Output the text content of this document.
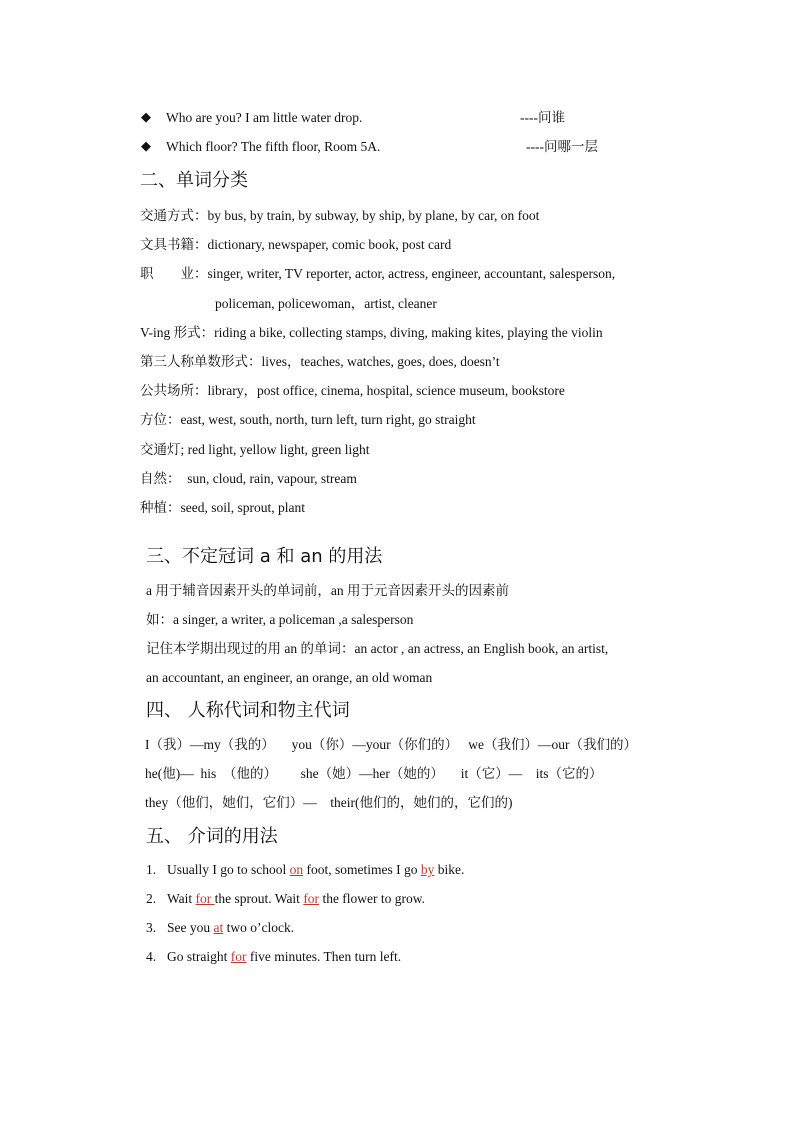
◆ Who are you? I am little water drop.	----问谁
◆ Which floor? The fifth floor, Room 5A.	----问哪一层
二、单词分类
交通方式：by bus, by train, by subway, by ship, by plane, by car, on foot
文具书籍：dictionary, newspaper, comic book, post card
职　　业：singer, writer, TV reporter, actor, actress, engineer, accountant, salesperson,
policeman, policewoman，artist, cleaner
V-ing 形式：riding a bike, collecting stamps, diving, making kites, playing the violin
第三人称单数形式：lives，teaches, watches, goes, does, doesn’t
公共场所：library，post office, cinema, hospital, science museum, bookstore
方位：east, west, south, north, turn left, turn right, go straight
交通灯; red light, yellow light, green light
自然：  sun, cloud, rain, vapour, stream
种植：seed, soil, sprout, plant
三、不定冠词 a 和 an 的用法
a 用于辅音因素开头的单词前，an 用于元音因素开头的因素前
如：a singer, a writer, a policeman ,a salesperson
记住本学期出现过的用 an 的单词：an actor , an actress, an English book, an artist,
an accountant, an engineer, an orange, an old woman
四、 人称代词和物主代词
I（我）—my（我的）     you（你）—your（你们的）   we（我们）—our（我们的）
he(他)—  his  （他的）       she（她）—her（她的）     it（它）—    its（它的）
they（他们，她们，它们）—    their(他们的，她们的，它们的)
五、 介词的用法
1. Usually I go to school on foot, sometimes I go by bike.
2. Wait for the sprout. Wait for the flower to grow.
3. See you at two o’clock.
4. Go straight for five minutes. Then turn left.
